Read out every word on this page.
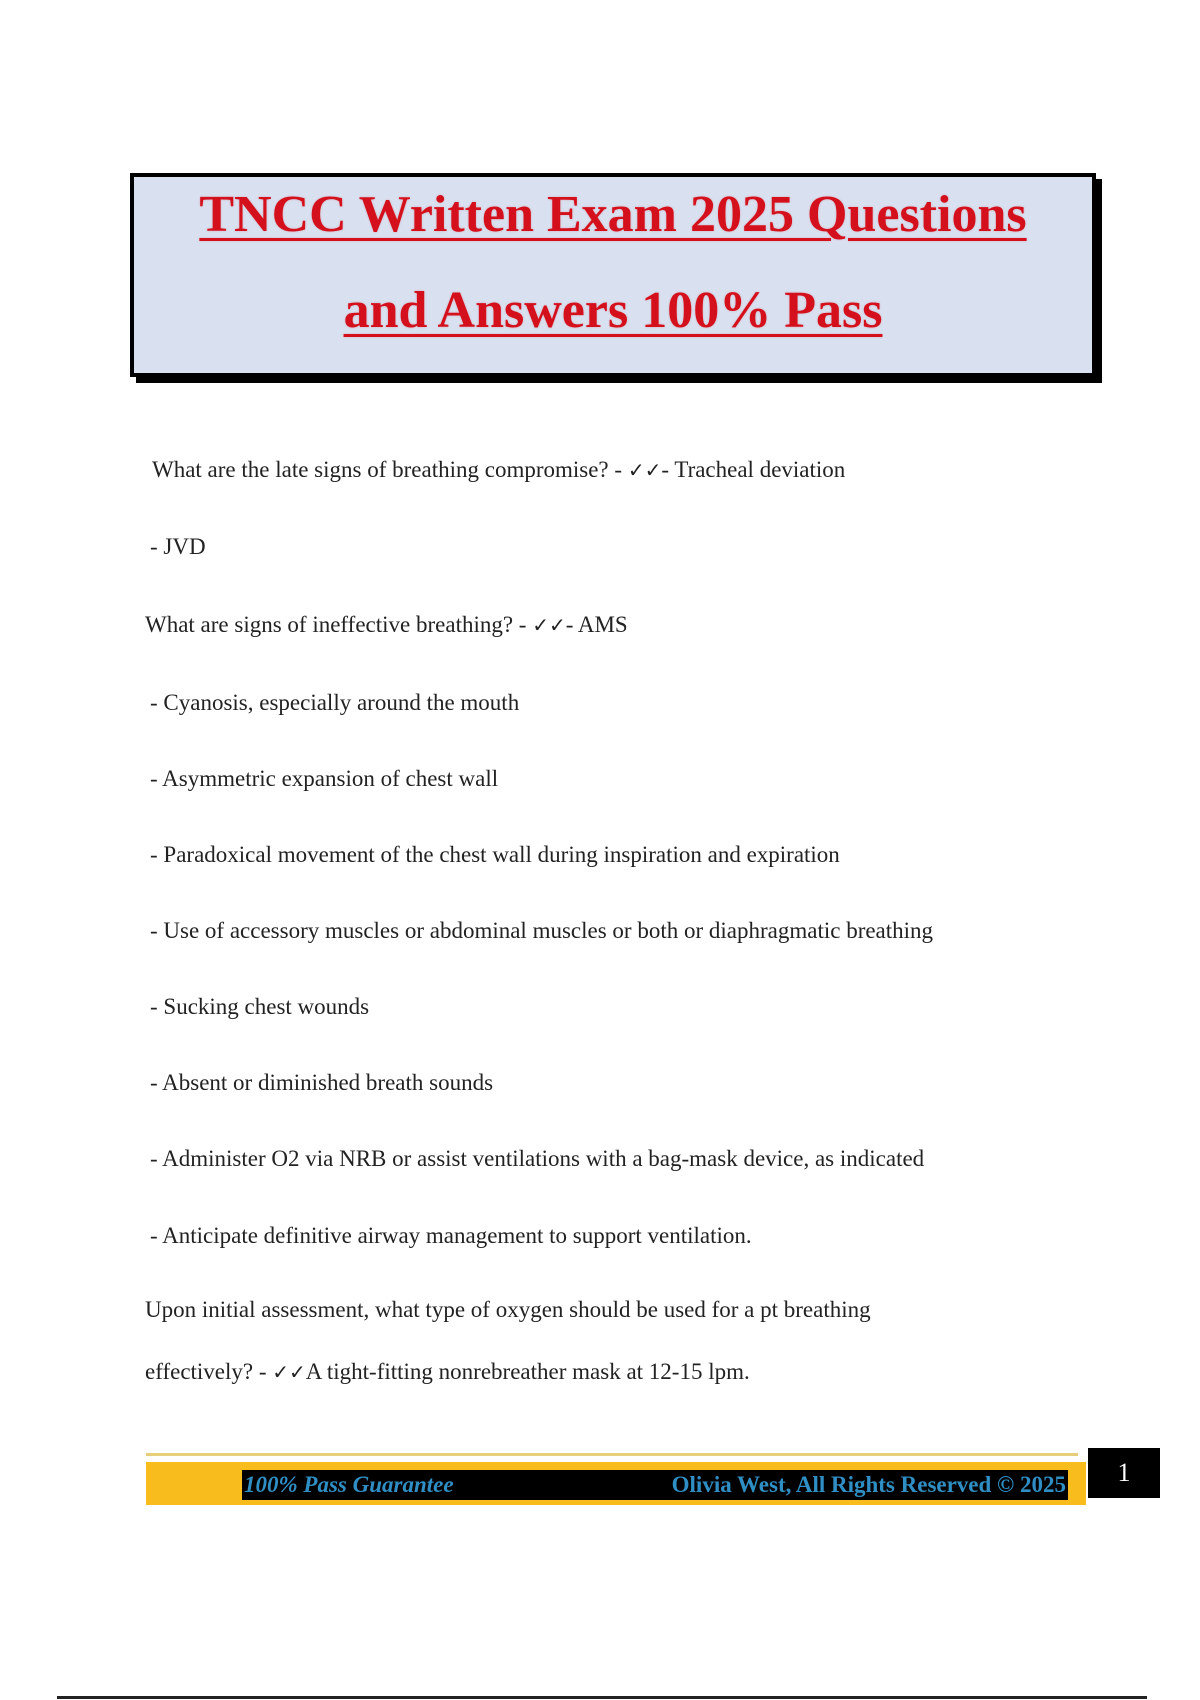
TNCC Written Exam 2025 Questions
and Answers 100% Pass
What are the late signs of breathing compromise? - ✓✓- Tracheal deviation
- JVD
What are signs of ineffective breathing? - ✓✓- AMS
- Cyanosis, especially around the mouth
- Asymmetric expansion of chest wall
- Paradoxical movement of the chest wall during inspiration and expiration
- Use of accessory muscles or abdominal muscles or both or diaphragmatic breathing
- Sucking chest wounds
- Absent or diminished breath sounds
- Administer O2 via NRB or assist ventilations with a bag-mask device, as indicated
- Anticipate definitive airway management to support ventilation.
Upon initial assessment, what type of oxygen should be used for a pt breathing
effectively? - ✓✓A tight-fitting nonrebreather mask at 12-15 lpm.
100% Pass Guarantee	Olivia West, All Rights Reserved © 2025	1
